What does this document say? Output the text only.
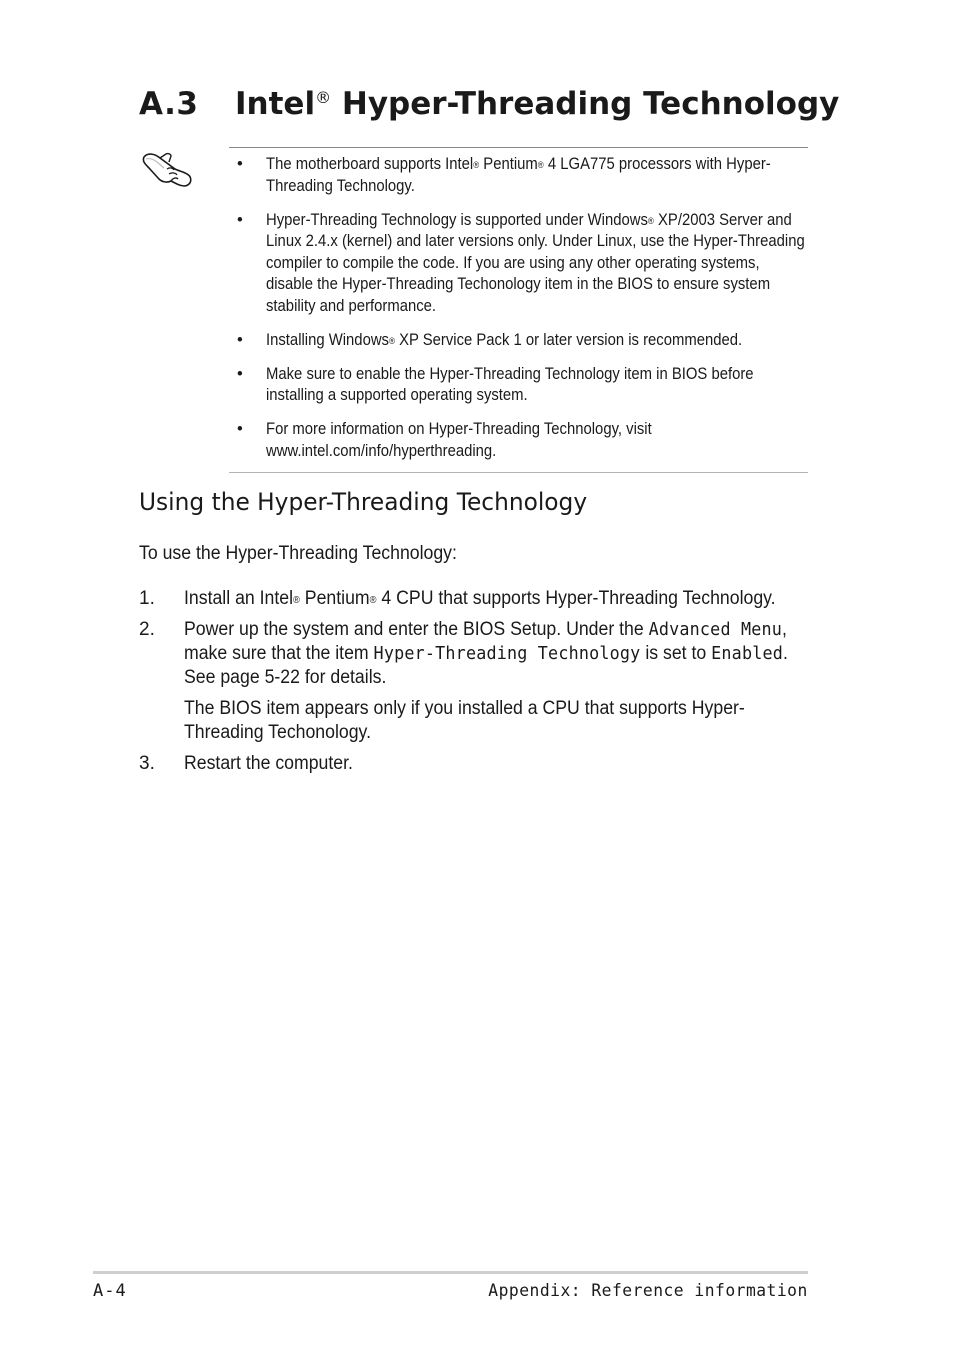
A.3 Intel® Hyper-Threading Technology
• The motherboard supports Intel® Pentium® 4 LGA775 processors with Hyper-Threading Technology.
• Hyper-Threading Technology is supported under Windows® XP/2003 Server and Linux 2.4.x (kernel) and later versions only. Under Linux, use the Hyper-Threading compiler to compile the code. If you are using any other operating systems, disable the Hyper-Threading Techonology item in the BIOS to ensure system stability and performance.
• Installing Windows® XP Service Pack 1 or later version is recommended.
• Make sure to enable the Hyper-Threading Technology item in BIOS before installing a supported operating system.
• For more information on Hyper-Threading Technology, visit www.intel.com/info/hyperthreading.
Using the Hyper-Threading Technology
To use the Hyper-Threading Technology:
1. Install an Intel® Pentium® 4 CPU that supports Hyper-Threading Technology.
2. Power up the system and enter the BIOS Setup. Under the Advanced Menu, make sure that the item Hyper-Threading Technology is set to Enabled. See page 5-22 for details.

The BIOS item appears only if you installed a CPU that supports Hyper-Threading Techonology.

3. Restart the computer.
A-4	Appendix: Reference information
